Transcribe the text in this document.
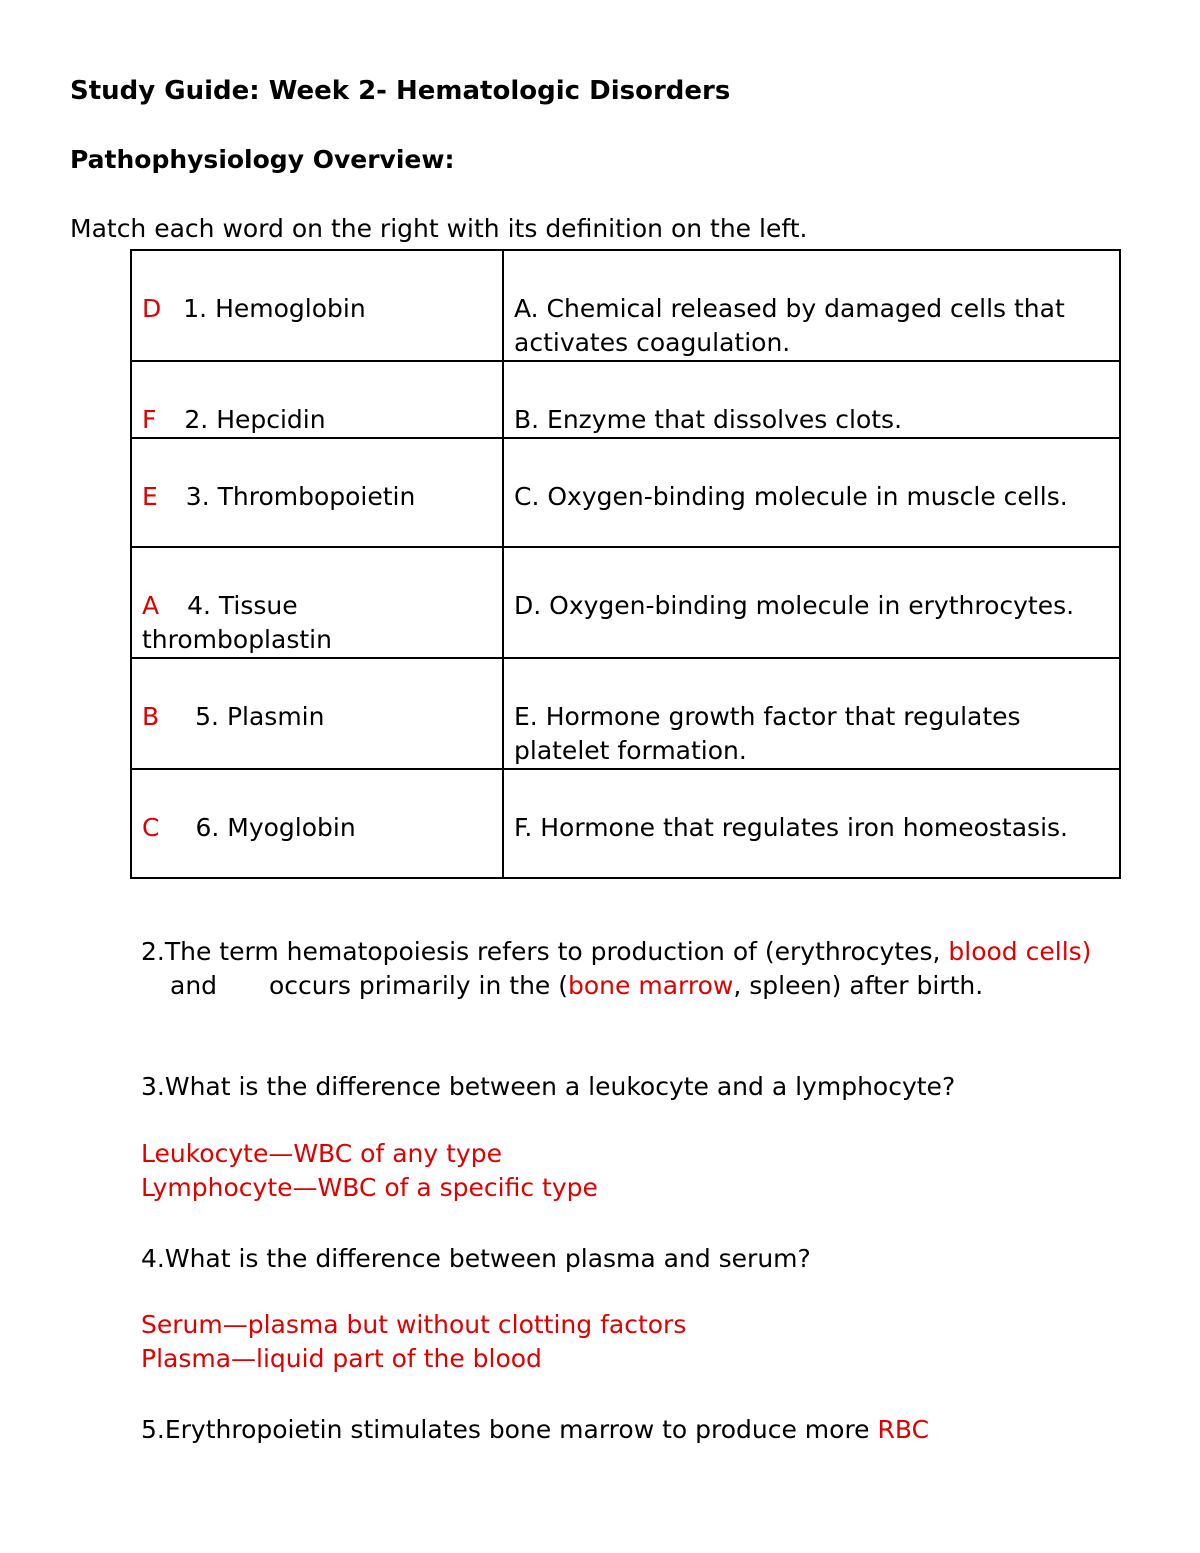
Study Guide: Week 2- Hematologic Disorders
Pathophysiology Overview:
Match each word on the right with its definition on the left.
D 1. Hemoglobin	A. Chemical released by damaged cells that activates coagulation.
F 2. Hepcidin	B. Enzyme that dissolves clots.
E 3. Thrombopoietin	C. Oxygen-binding molecule in muscle cells.
A 4. Tissue
thromboplastin	D. Oxygen-binding molecule in erythrocytes.
B 5. Plasmin	E. Hormone growth factor that regulates platelet formation.
C 6. Myoglobin	F. Hormone that regulates iron homeostasis.
2.The term hematopoiesis refers to production of (erythrocytes, blood cells)
and occurs primarily in the (bone marrow, spleen) after birth.
3.What is the difference between a leukocyte and a lymphocyte?
Leukocyte—WBC of any type
Lymphocyte—WBC of a specific type
4.What is the difference between plasma and serum?
Serum—plasma but without clotting factors
Plasma—liquid part of the blood
5.Erythropoietin stimulates bone marrow to produce more RBC
